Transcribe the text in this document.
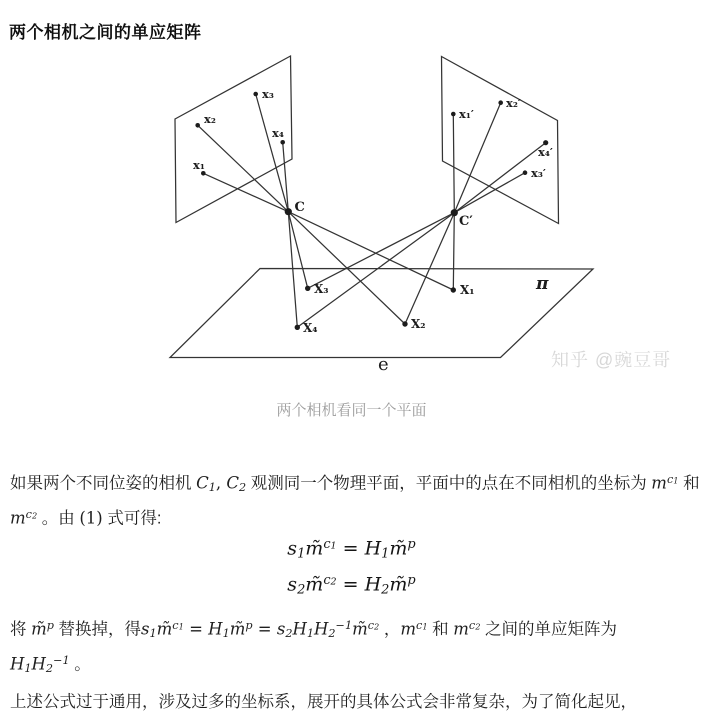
两个相机之间的单应矩阵
x₁
x₂
x₃
x₄
C
x₁′
x₂′
x₃′
x₄′
C′
X₃	X₁
X₄	X₂
π
e	知乎 @豌豆哥
两个相机看同一个平面
如果两个不同位姿的相机 C1, C2 观测同一个物理平面，平面中的点在不同相机的坐标为 $m^{c1}$ 和
$m^{c2}$ 。由 (1) 式可得:
s1m̃$^{c1}$ = H1m̃$^p$
s2m̃$^{c2}$ = H2m̃$^p$
将 m̃$^p$ 替换掉，得s1m̃$^{c1}$ = H1m̃$^p$ = $s2H1H2^{-1}m̃^{c2}$ ，$m^{c1}$ 和 $m^{c2}$ 之间的单应矩阵为
$H1H2^{-1}$ 。
上述公式过于通用，涉及过多的坐标系，展开的具体公式会非常复杂，为了简化起见，
